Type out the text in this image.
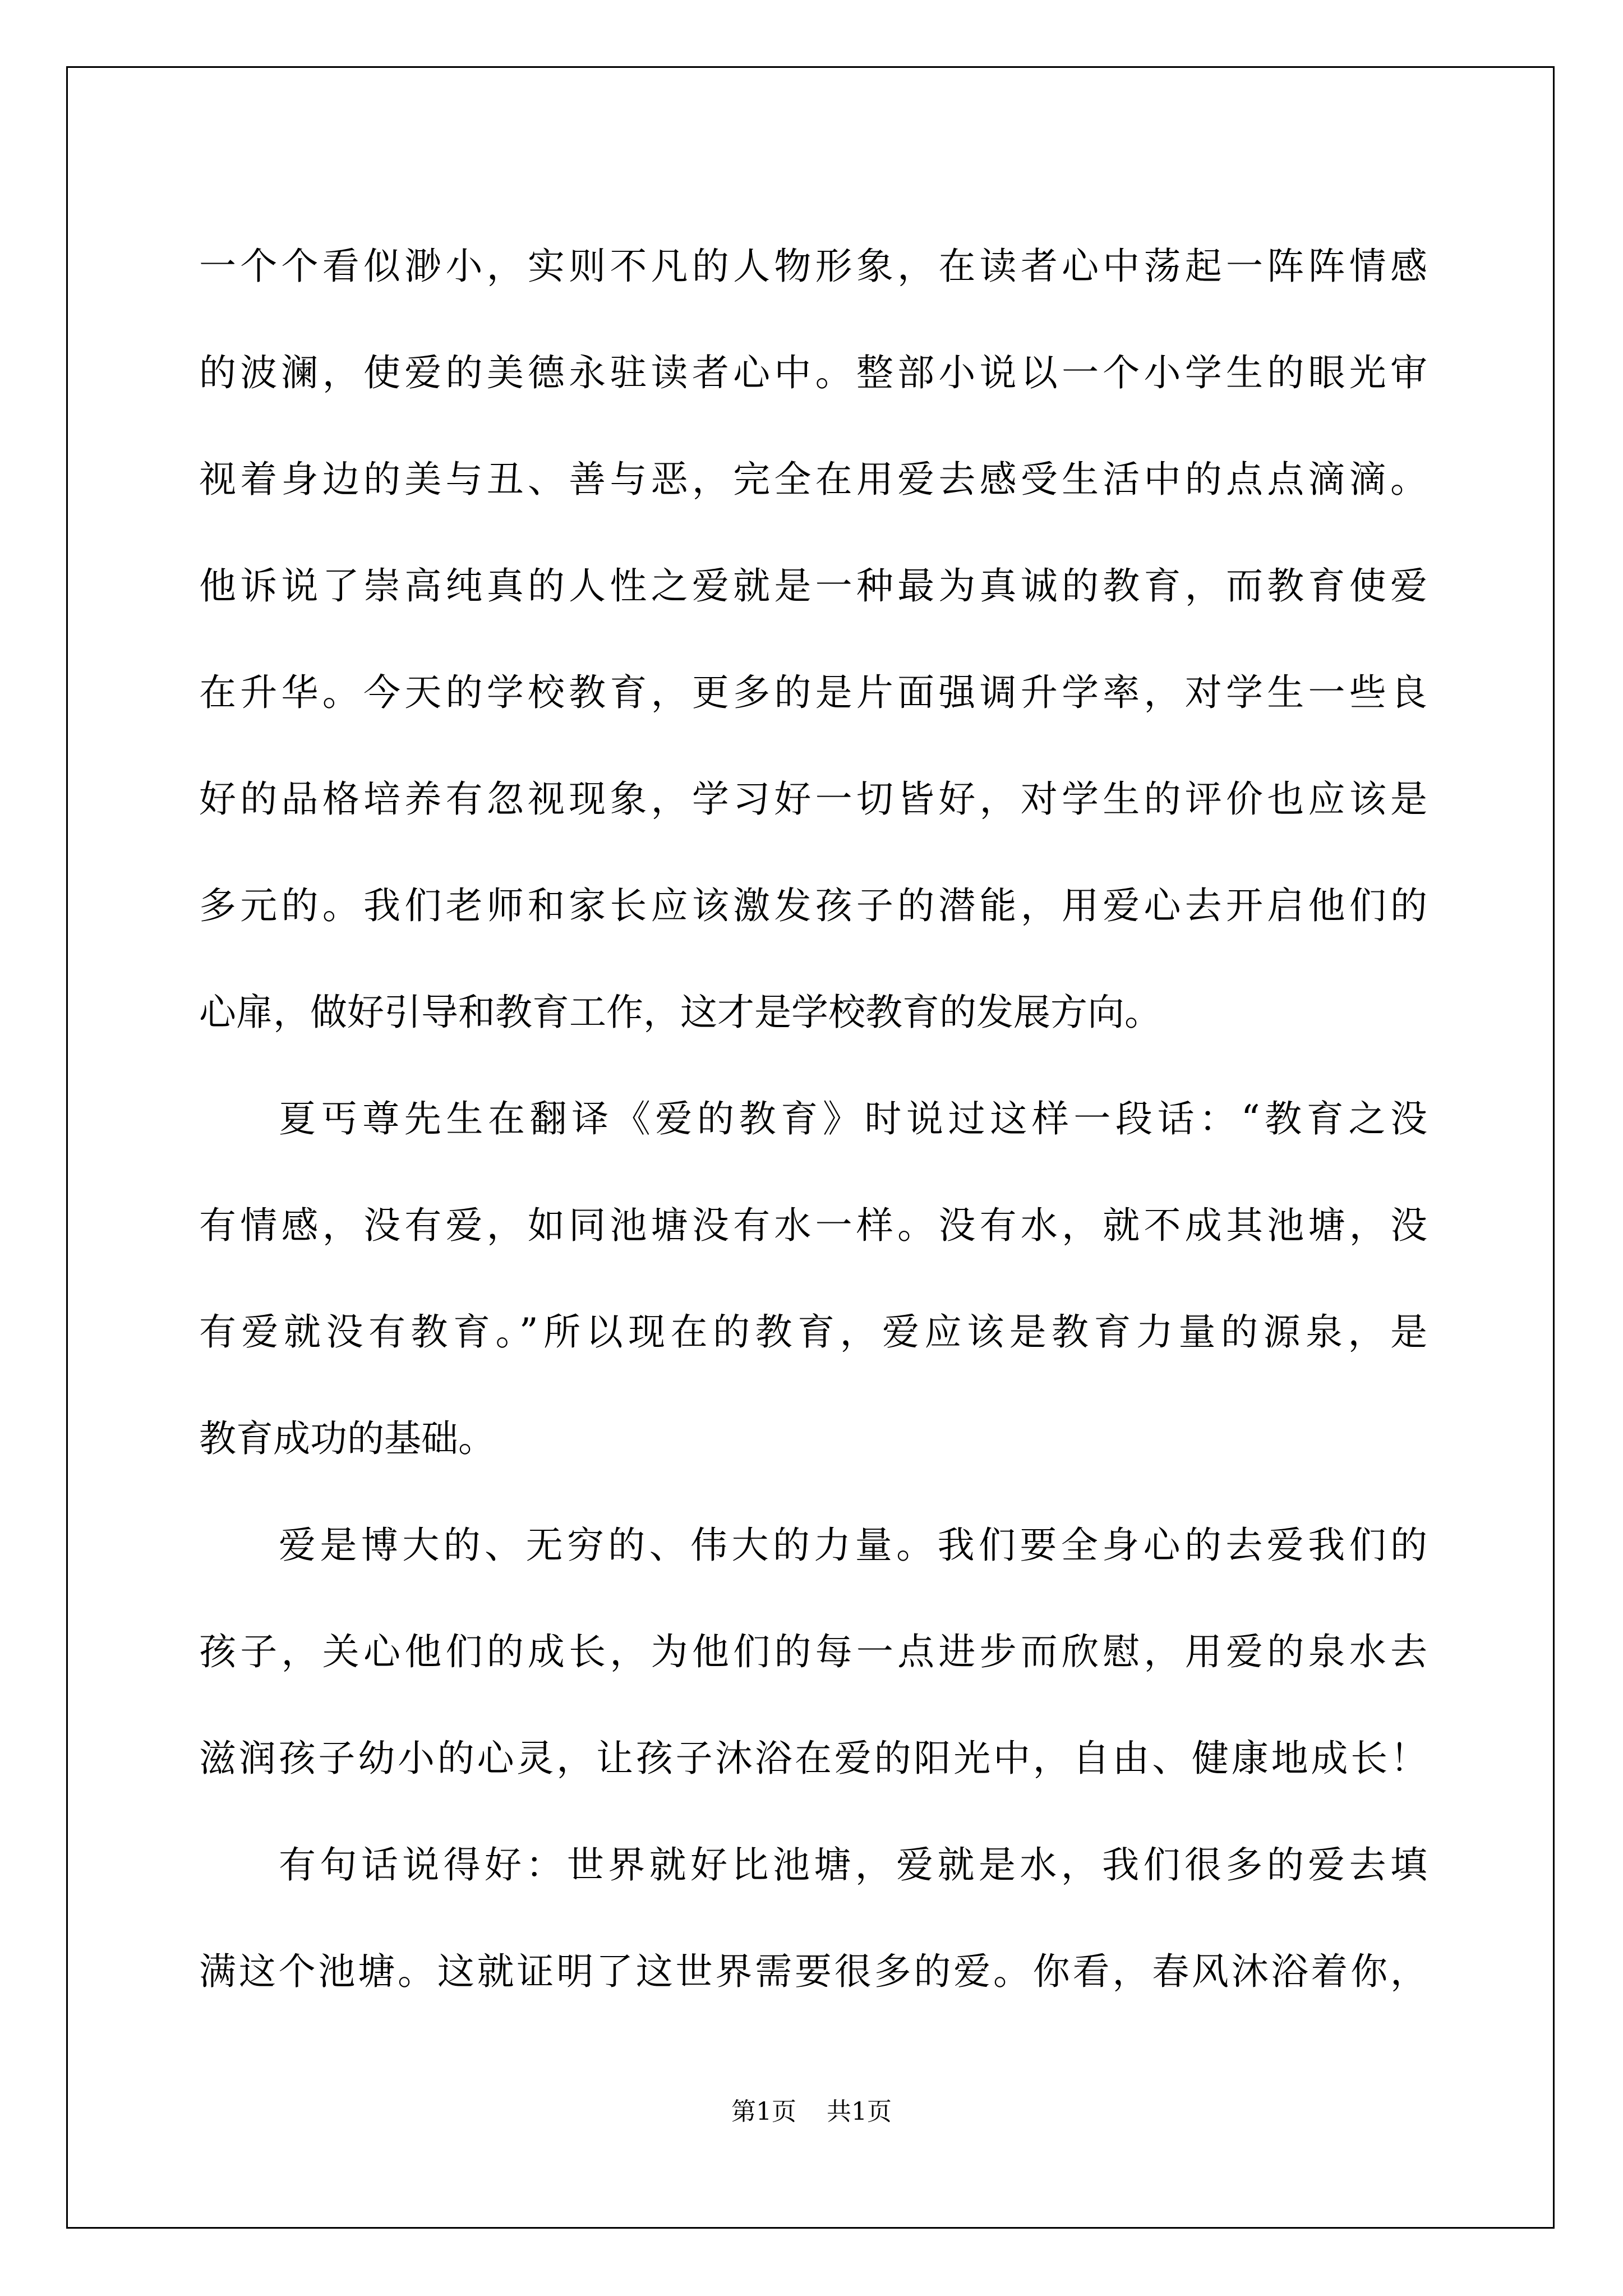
一个个看似渺小，实则不凡的人物形象，在读者心中荡起一阵阵情感
的波澜，使爱的美德永驻读者心中。整部小说以一个小学生的眼光审
视着身边的美与丑、善与恶，完全在用爱去感受生活中的点点滴滴。
他诉说了崇高纯真的人性之爱就是一种最为真诚的教育，而教育使爱
在升华。今天的学校教育，更多的是片面强调升学率，对学生一些良
好的品格培养有忽视现象，学习好一切皆好，对学生的评价也应该是
多元的。我们老师和家长应该激发孩子的潜能，用爱心去开启他们的
心扉，做好引导和教育工作，这才是学校教育的发展方向。
夏丐尊先生在翻译《爱的教育》时说过这样一段话：“教育之没
有情感，没有爱，如同池塘没有水一样。没有水，就不成其池塘，没
有爱就没有教育。”所以现在的教育，爱应该是教育力量的源泉，是
教育成功的基础。
爱是博大的、无穷的、伟大的力量。我们要全身心的去爱我们的
孩子，关心他们的成长，为他们的每一点进步而欣慰，用爱的泉水去
滋润孩子幼小的心灵，让孩子沐浴在爱的阳光中，自由、健康地成长！
有句话说得好：世界就好比池塘，爱就是水，我们很多的爱去填
满这个池塘。这就证明了这世界需要很多的爱。你看，春风沐浴着你，
第1页 共1页
